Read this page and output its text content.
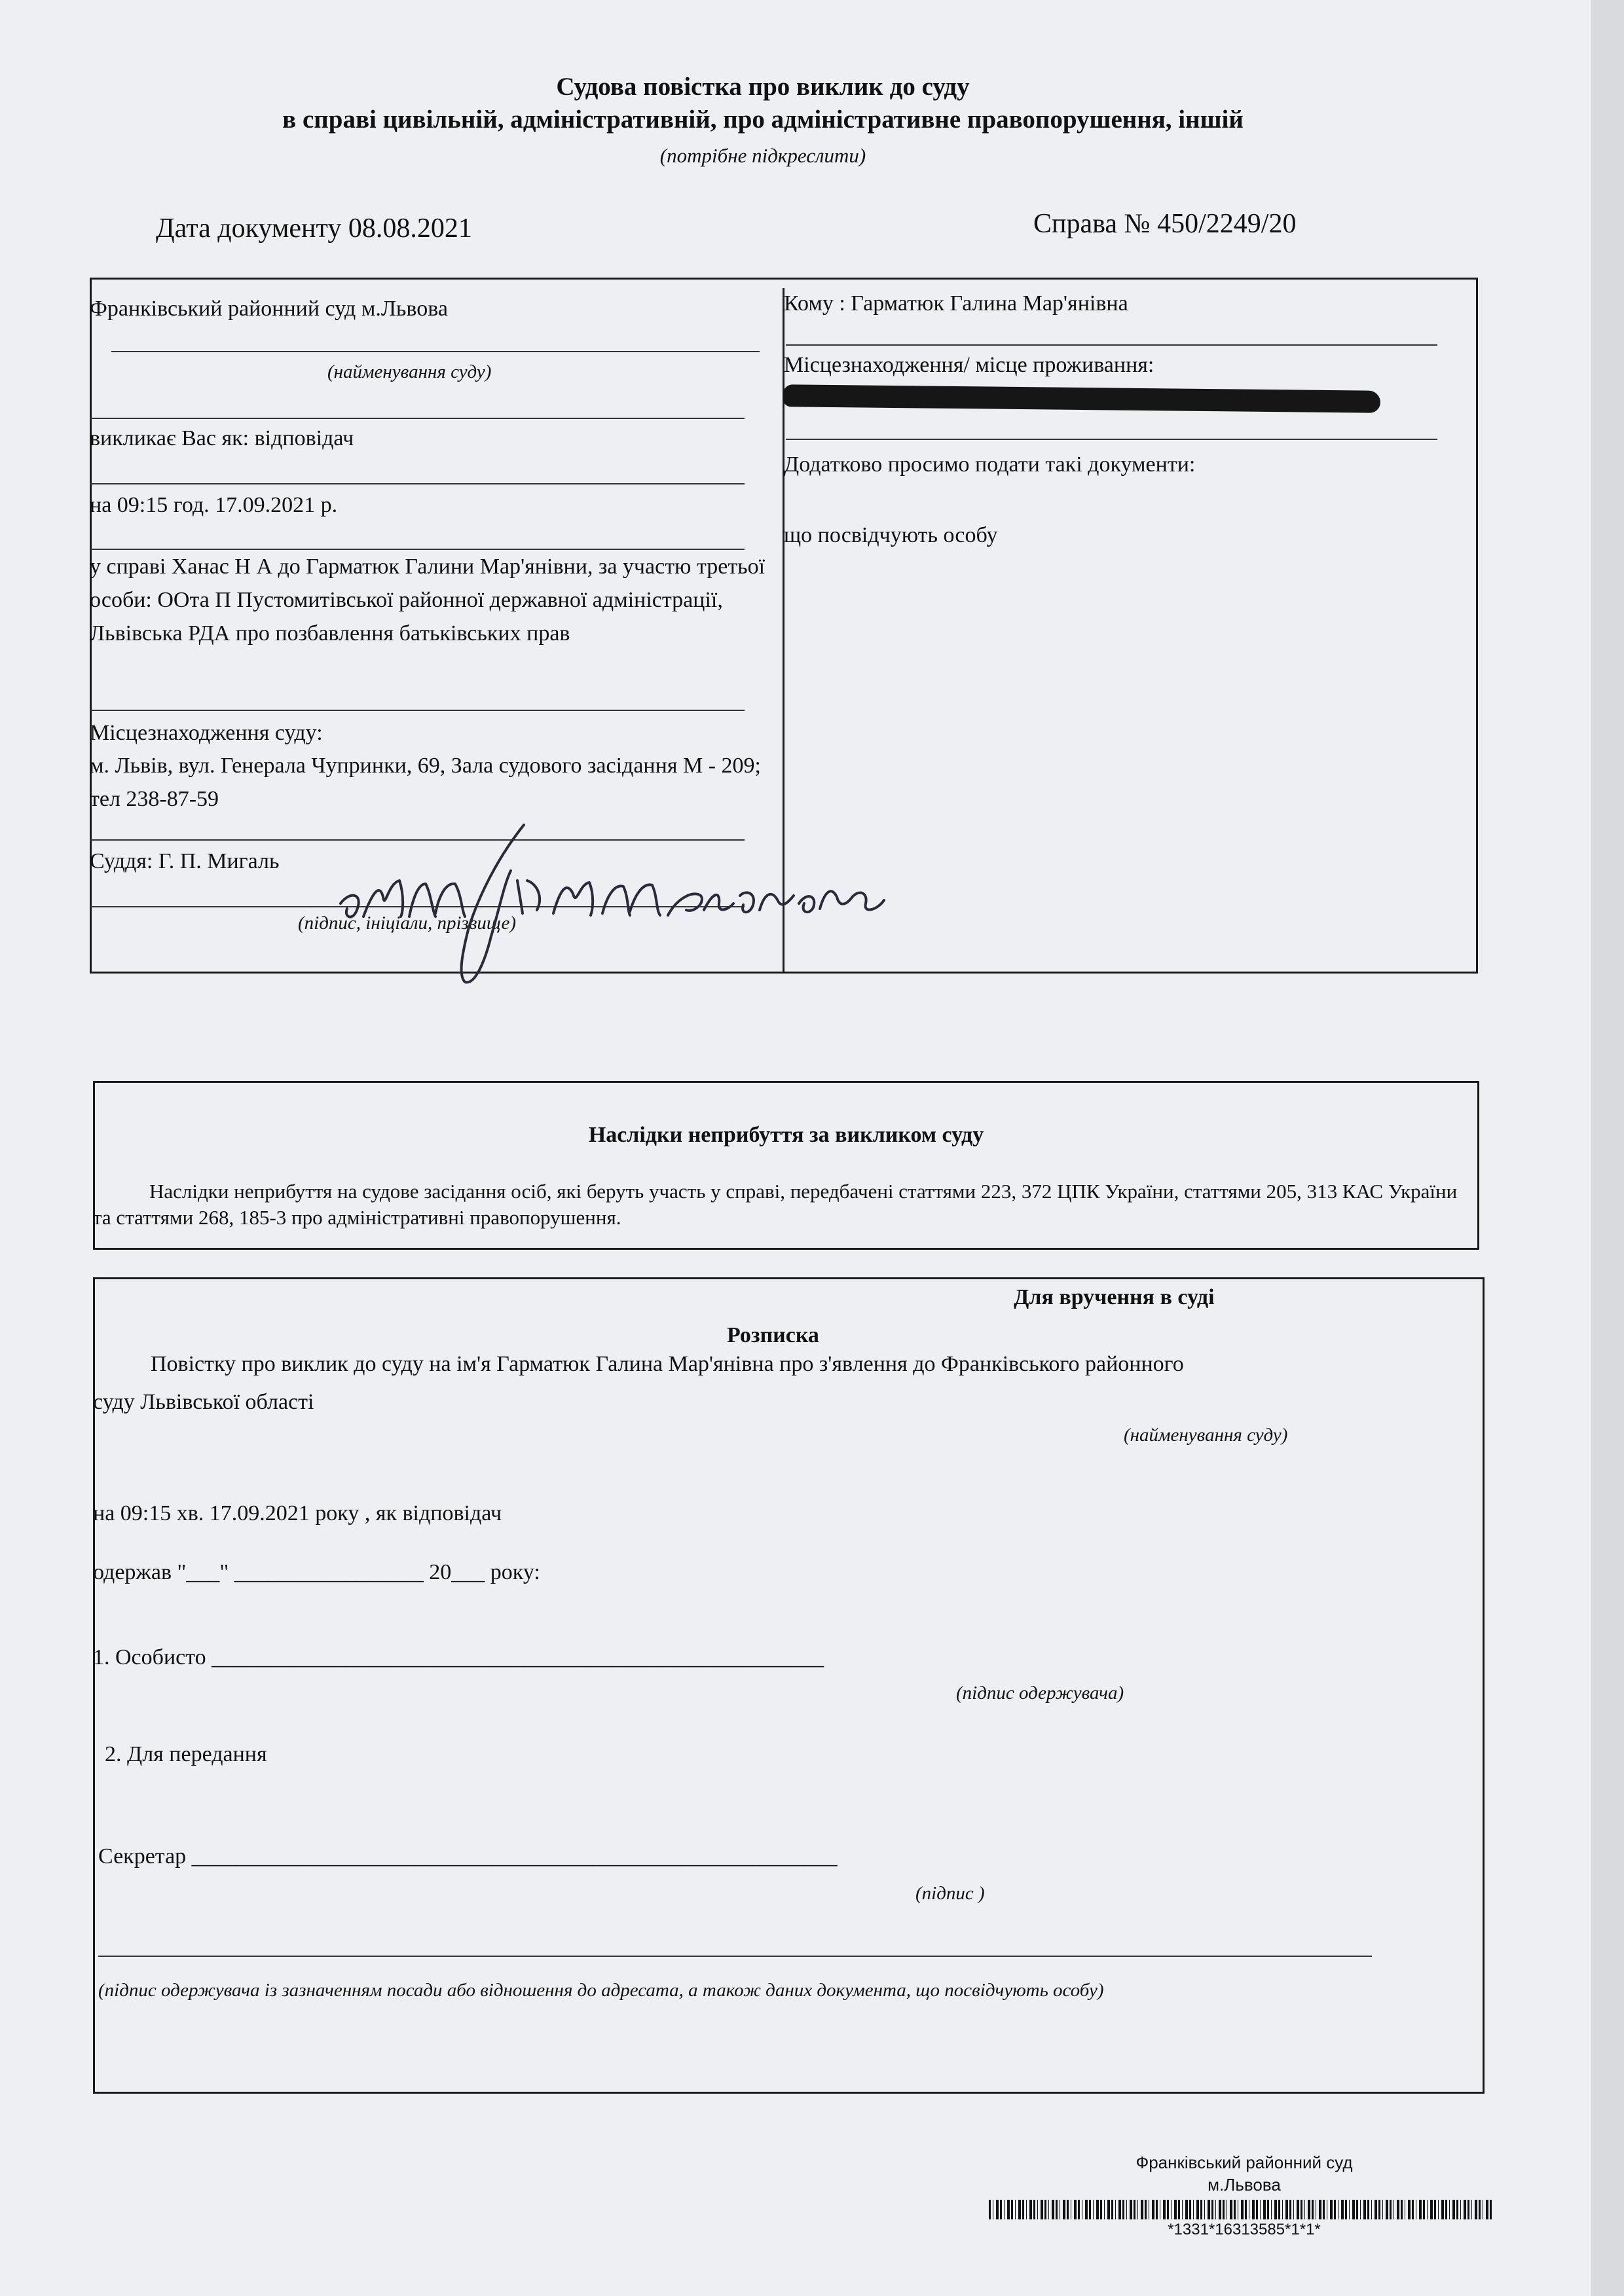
Судова повістка про виклик до суду
в справі цивільній, адміністративній, про адміністративне правопорушення, іншій
(потрібне підкреслити)
Дата документу 08.08.2021	Справа № 450/2249/20
Франківський районний суд м.Львова
(найменування суду)
викликає Вас як: відповідач
на 09:15 год. 17.09.2021 р.
у справі Ханас Н А до Гарматюк Галини Мар'янівни, за участю третьої особи: ООта П Пустомитівської районної державної адміністрації, Львівська РДА про позбавлення батьківських прав
Місцезнаходження суду:
м. Львів, вул. Генерала Чупринки, 69, Зала судового засідання М - 209; тел 238-87-59
Суддя: Г. П. Мигаль
(підпис, ініціали, прізвище)
Кому : Гарматюк Галина Мар'янівна
Місцезнаходження/ місце проживання:
Додатково просимо подати такі документи:
що посвідчують особу
Наслідки неприбуття за викликом суду
Наслідки неприбуття на судове засідання осіб, які беруть участь у справі, передбачені статтями 223, 372 ЦПК України, статтями 205, 313 КАС України та статтями 268, 185-3 про адміністративні правопорушення.
Для вручення в суді
Розписка
Повістку про виклик до суду на ім'я Гарматюк Галина Мар'янівна про з'явлення до Франківського районного
суду Львівської області
(найменування суду)
на 09:15 хв. 17.09.2021 року , як відповідач
одержав "___" _________________ 20___ року:
1. Особисто _______________________________________________________
(підпис одержувача)
2. Для передання
Секретар __________________________________________________________
(підпис )
(підпис одержувача із зазначенням посади або відношення до адресата, а також даних документа, що посвідчують особу)
Франківський районний суд
м.Львова
*1331*16313585*1*1*
